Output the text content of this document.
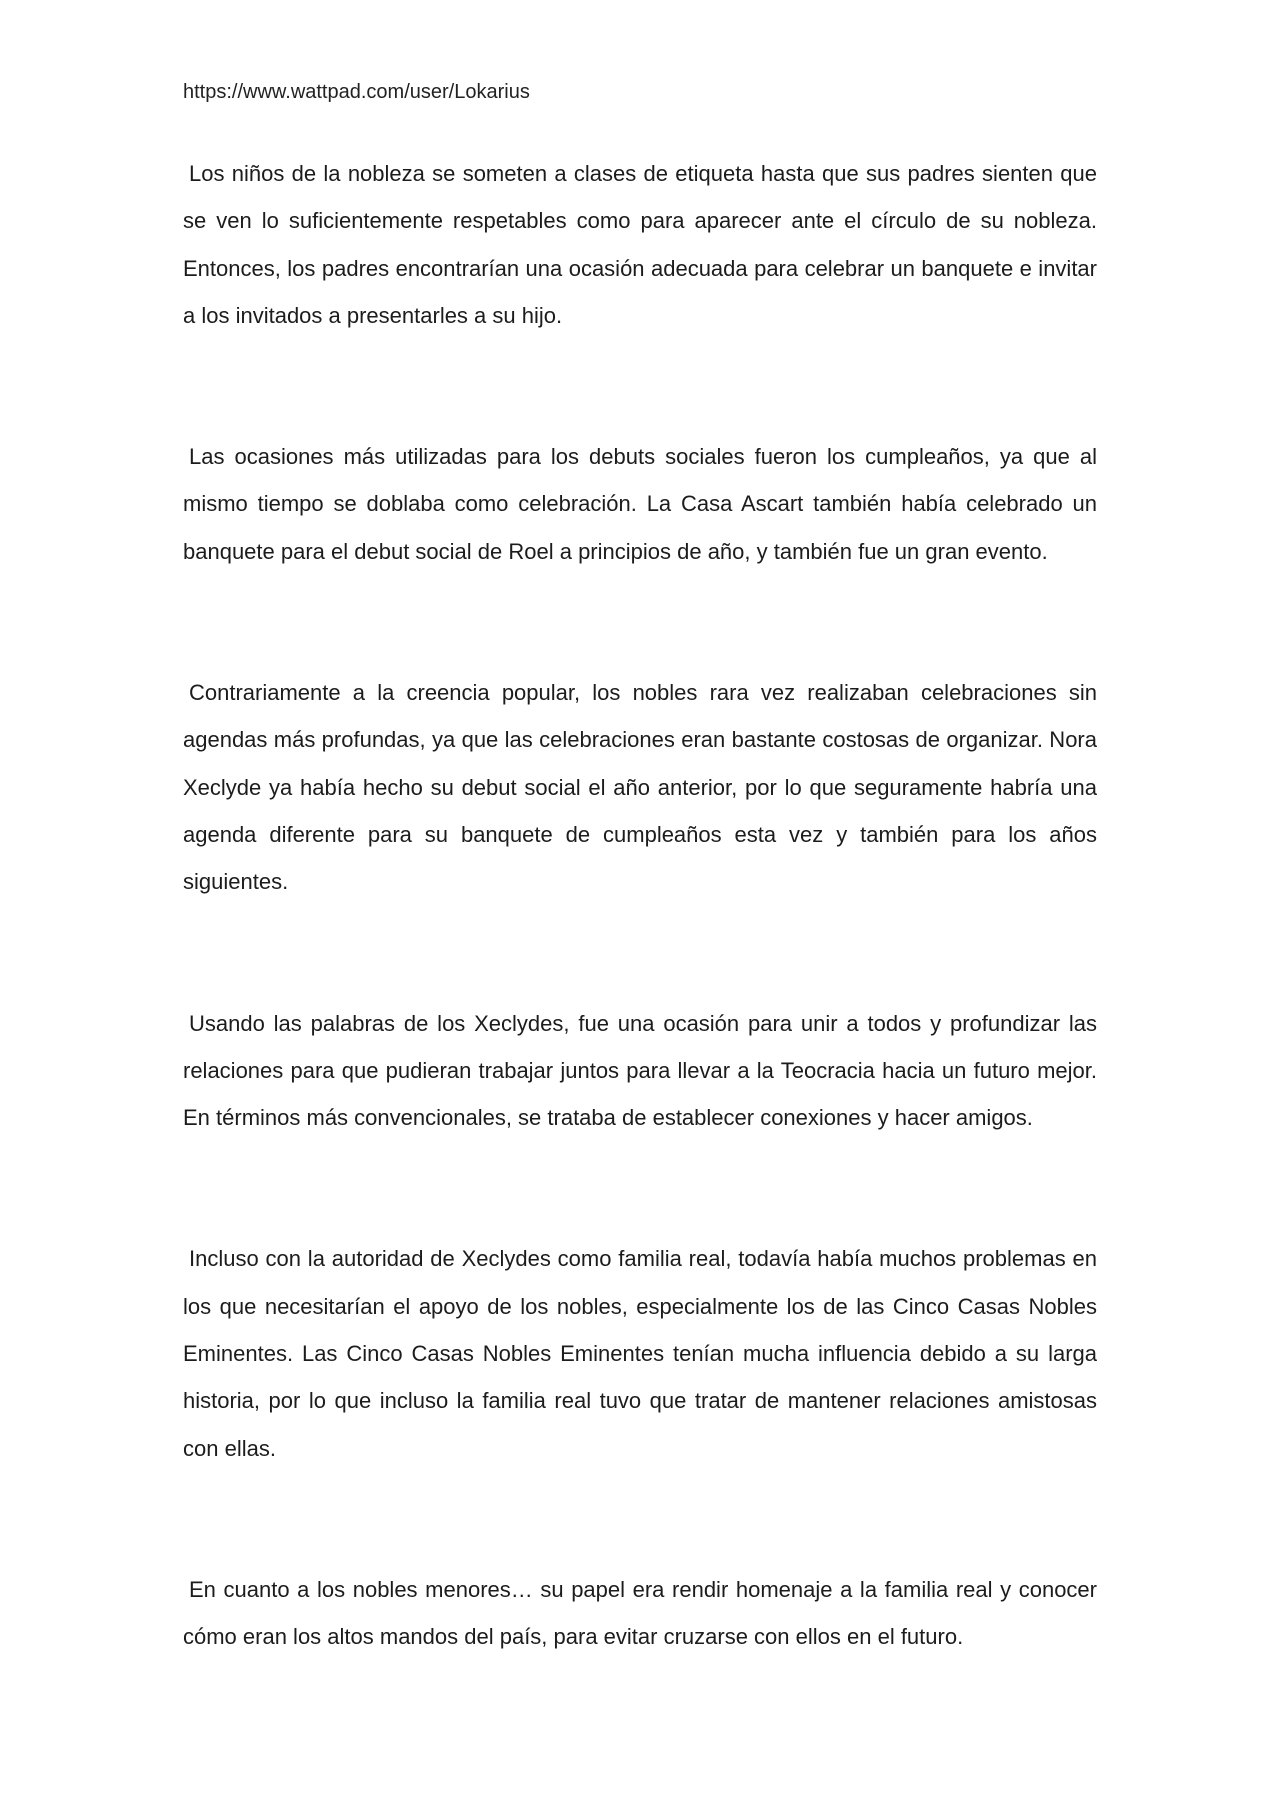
https://www.wattpad.com/user/Lokarius

Los niños de la nobleza se someten a clases de etiqueta hasta que sus padres sienten que se ven lo suficientemente respetables como para aparecer ante el círculo de su nobleza. Entonces, los padres encontrarían una ocasión adecuada para celebrar un banquete e invitar a los invitados a presentarles a su hijo.

Las ocasiones más utilizadas para los debuts sociales fueron los cumpleaños, ya que al mismo tiempo se doblaba como celebración. La Casa Ascart también había celebrado un banquete para el debut social de Roel a principios de año, y también fue un gran evento.

Contrariamente a la creencia popular, los nobles rara vez realizaban celebraciones sin agendas más profundas, ya que las celebraciones eran bastante costosas de organizar. Nora Xeclyde ya había hecho su debut social el año anterior, por lo que seguramente habría una agenda diferente para su banquete de cumpleaños esta vez y también para los años siguientes.

Usando las palabras de los Xeclydes, fue una ocasión para unir a todos y profundizar las relaciones para que pudieran trabajar juntos para llevar a la Teocracia hacia un futuro mejor. En términos más convencionales, se trataba de establecer conexiones y hacer amigos.

Incluso con la autoridad de Xeclydes como familia real, todavía había muchos problemas en los que necesitarían el apoyo de los nobles, especialmente los de las Cinco Casas Nobles Eminentes. Las Cinco Casas Nobles Eminentes tenían mucha influencia debido a su larga historia, por lo que incluso la familia real tuvo que tratar de mantener relaciones amistosas con ellas.

En cuanto a los nobles menores… su papel era rendir homenaje a la familia real y conocer cómo eran los altos mandos del país, para evitar cruzarse con ellos en el futuro.
